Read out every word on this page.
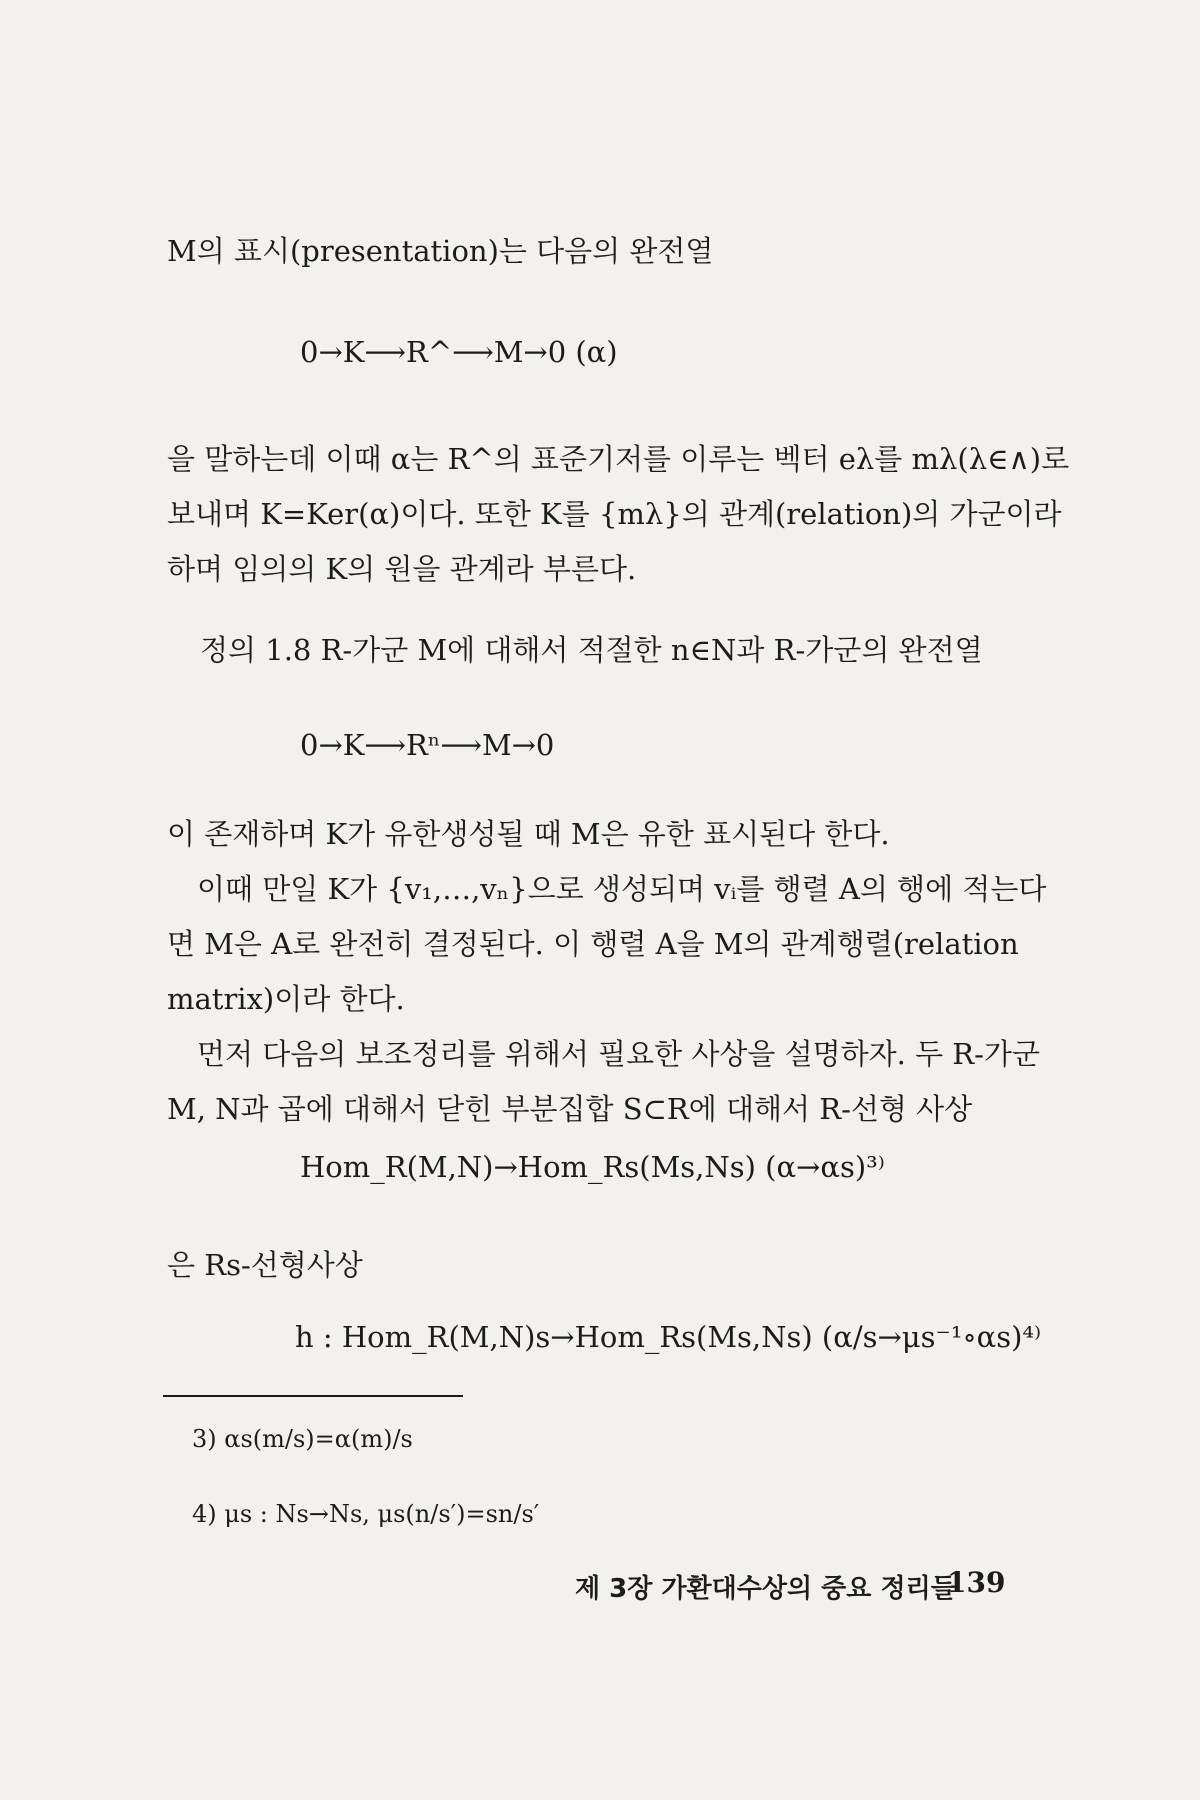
M의 표시(presentation)는 다음의 완전열
0→K⟶R^⟶M→0 (α)
을 말하는데 이때 α는 R^의 표준기저를 이루는 벡터 eλ를 mλ(λ∈∧)로
보내며 K=Ker(α)이다. 또한 K를 {mλ}의 관계(relation)의 가군이라
하며 임의의 K의 원을 관계라 부른다.
정의 1.8 R-가군 M에 대해서 적절한 n∈N과 R-가군의 완전열
0→K⟶Rⁿ⟶M→0
이 존재하며 K가 유한생성될 때 M은 유한 표시된다 한다.
이때 만일 K가 {v₁,…,vₙ}으로 생성되며 vᵢ를 행렬 A의 행에 적는다
면 M은 A로 완전히 결정된다. 이 행렬 A을 M의 관계행렬(relation
matrix)이라 한다.
먼저 다음의 보조정리를 위해서 필요한 사상을 설명하자. 두 R-가군
M, N과 곱에 대해서 닫힌 부분집합 S⊂R에 대해서 R-선형 사상
Hom_R(M,N)→Hom_Rs(Ms,Ns) (α→αs)³⁾
은 Rs-선형사상
h : Hom_R(M,N)s→Hom_Rs(Ms,Ns) (α/s→μs⁻¹∘αs)⁴⁾
3) αs(m/s)=α(m)/s
4) μs : Ns→Ns, μs(n/s′)=sn/s′
제 3장 가환대수상의 중요 정리들
139
